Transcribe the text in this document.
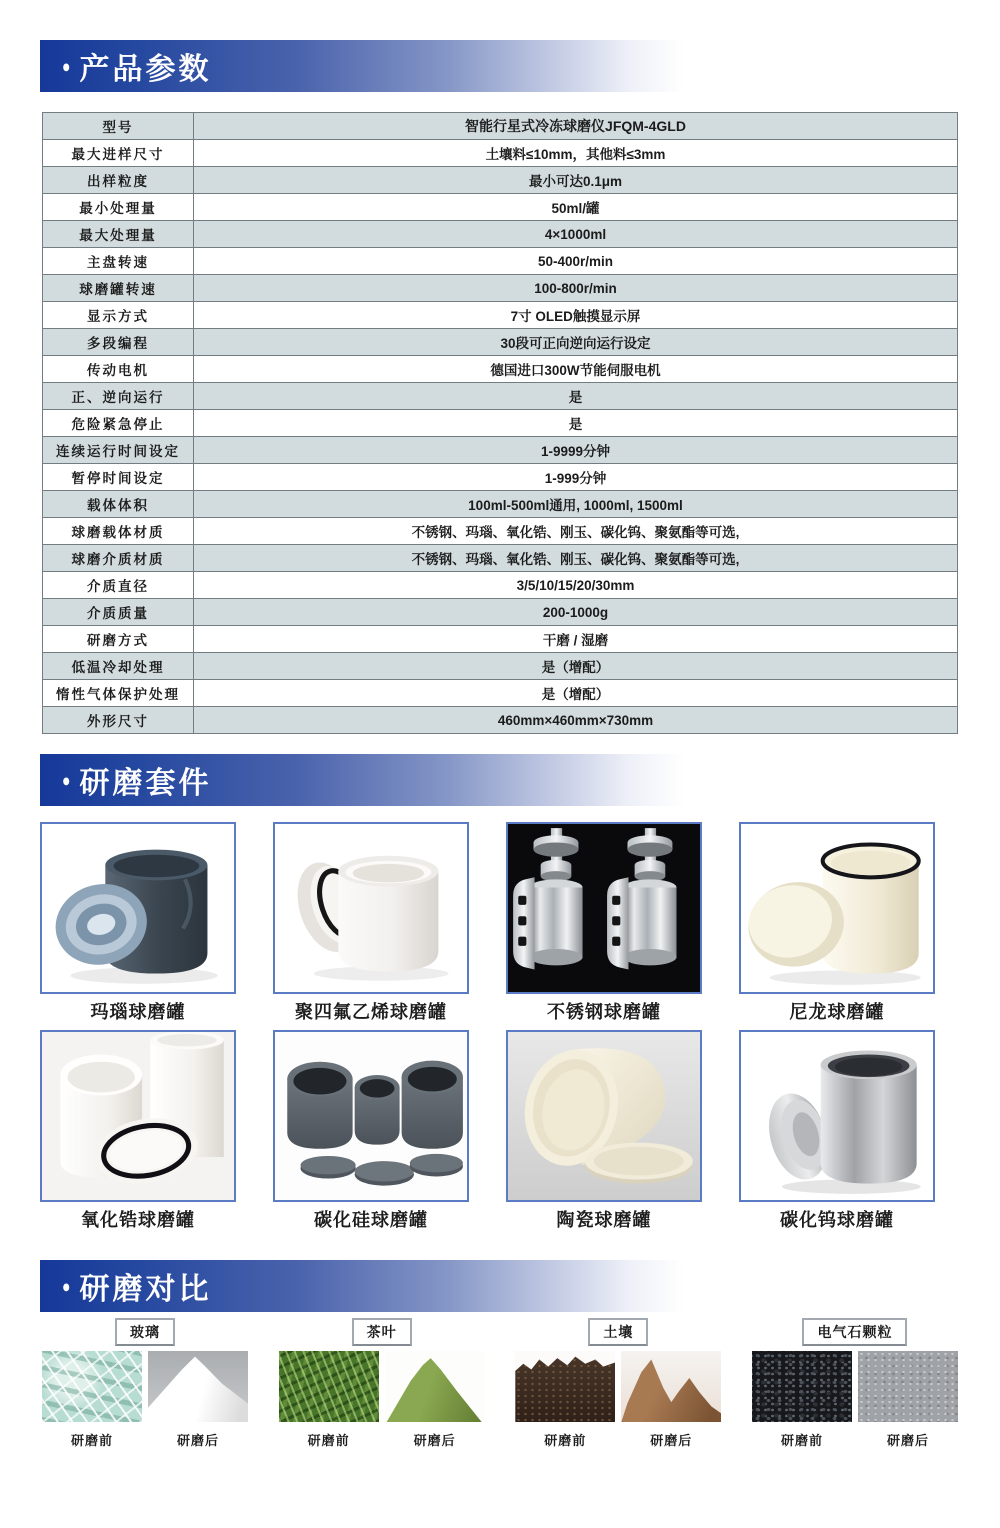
● 产品参数
型号	智能行星式冷冻球磨仪JFQM-4GLD
最大进样尺寸	土壤料≤10mm，其他料≤3mm
出样粒度	最小可达0.1μm
最小处理量	50ml/罐
最大处理量	4×1000ml
主盘转速	50-400r/min
球磨罐转速	100-800r/min
显示方式	7寸 OLED触摸显示屏
多段编程	30段可正向逆向运行设定
传动电机	德国进口300W节能伺服电机
正、逆向运行	是
危险紧急停止	是
连续运行时间设定	1-9999分钟
暂停时间设定	1-999分钟
载体体积	100ml-500ml通用, 1000ml, 1500ml
球磨载体材质	不锈钢、玛瑙、氧化锆、刚玉、碳化钨、聚氨酯等可选,
球磨介质材质	不锈钢、玛瑙、氧化锆、刚玉、碳化钨、聚氨酯等可选,
介质直径	3/5/10/15/20/30mm
介质质量	200-1000g
研磨方式	干磨 / 湿磨
低温冷却处理	是（增配）
惰性气体保护处理	是（增配）
外形尺寸	460mm×460mm×730mm
● 研磨套件
玛瑙球磨罐	聚四氟乙烯球磨罐	不锈钢球磨罐	尼龙球磨罐
氧化锆球磨罐	碳化硅球磨罐	陶瓷球磨罐	碳化钨球磨罐
● 研磨对比
玻璃
研磨前	研磨后
茶叶
研磨前	研磨后
土壤
研磨前	研磨后
电气石颗粒
研磨前	研磨后
